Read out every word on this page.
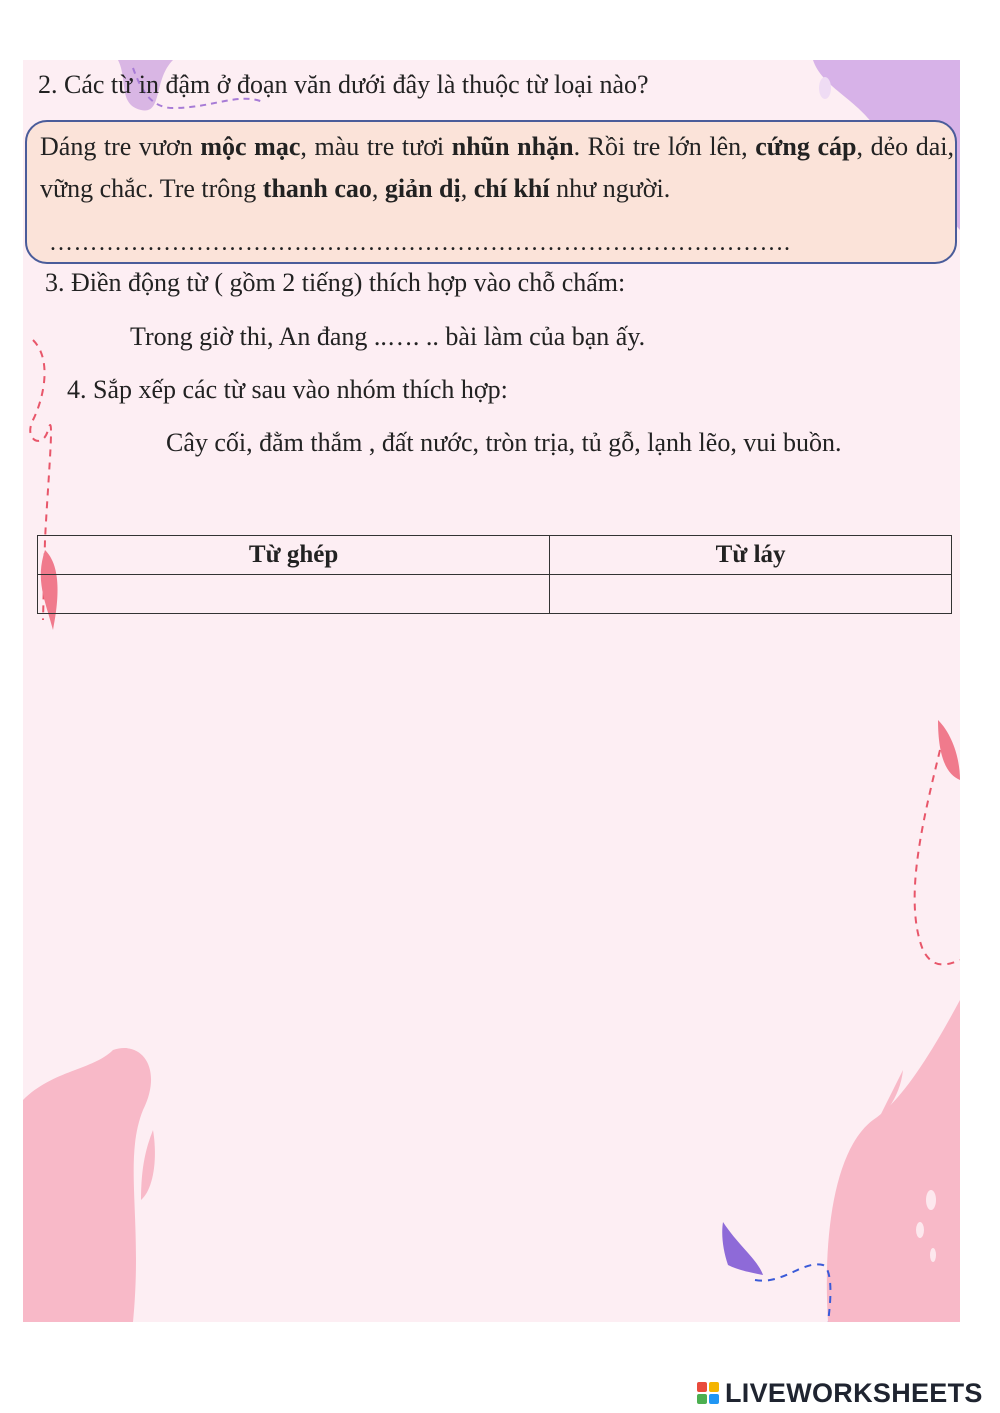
2. Các từ in đậm ở đoạn văn dưới đây là thuộc từ loại nào?

Dáng tre vươn mộc mạc, màu tre tươi nhũn nhặn. Rồi tre lớn lên, cứng cáp, dẻo dai, vững chắc. Tre trông thanh cao, giản dị, chí khí như người.

……………………………………………………………………………….
3. Điền động từ ( gồm 2 tiếng) thích hợp vào chỗ chấm:
Trong giờ thi, An đang ..…. .. bài làm của bạn ấy.
4. Sắp xếp các từ sau vào nhóm thích hợp:
Cây cối, đằm thắm , đất nước, tròn trịa, tủ gỗ, lạnh lẽo, vui buồn.
Từ ghép	Từ láy

LIVEWORKSHEETS
